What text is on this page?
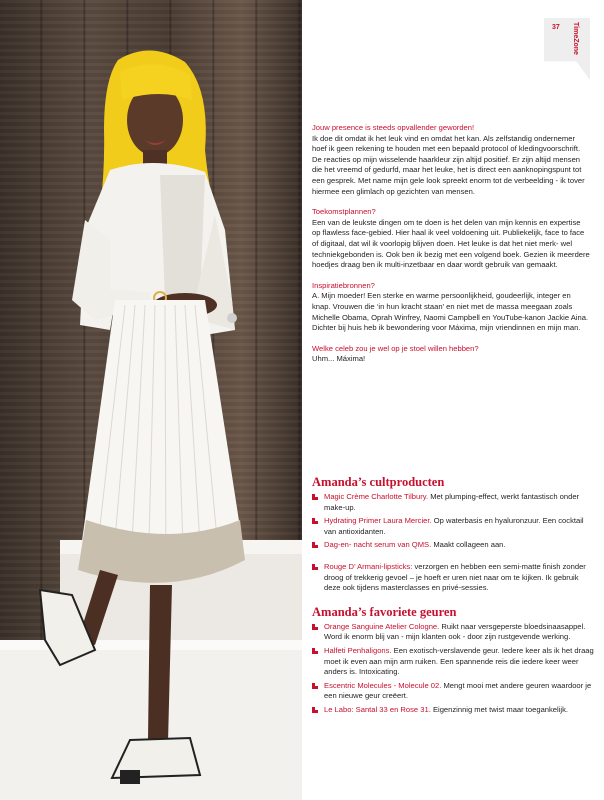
37 TimeZone
Jouw presence is steeds opvallender geworden!
Ik doe dit omdat ik het leuk vind en omdat het kan. Als zelfstandig ondernemer hoef ik geen rekening te houden met een bepaald protocol of kledingvoorschrift. De reacties op mijn wisselende haarkleur zijn altijd positief. Er zijn altijd mensen die het vreemd of gedurfd, maar het leuke, het is direct een aanknopingspunt tot een gesprek. Met name mijn gele look spreekt enorm tot de verbeelding - ik tover hiermee een glimlach op gezichten van mensen.
Toekomstplannen?
Een van de leukste dingen om te doen is het delen van mijn kennis en expertise op flawless face-gebied. Hier haal ik veel voldoening uit. Publiekelijk, face to face of digitaal, dat wil ik voorlopig blijven doen. Het leuke is dat het niet merk- wel techniekgebonden is. Ook ben ik bezig met een volgend boek. Gezien ik meerdere hoedjes draag ben ik multi-inzetbaar en daar wordt gebruik van gemaakt.
Inspiratiebronnen?
A. Mijn moeder! Een sterke en warme persoonlijkheid, goudeerlijk, integer en knap. Vrouwen die ‘in hun kracht staan’ en niet met de massa meegaan zoals Michelle Obama, Oprah Winfrey, Naomi Campbell en YouTube-kanon Jackie Aina. Dichter bij huis heb ik bewondering voor Máxima, mijn vriendinnen en mijn man.
Welke celeb zou je wel op je stoel willen hebben?
Uhm... Máxima!
Amanda’s cultproducten
Magic Crème Charlotte Tilbury. Met plumping-effect, werkt fantastisch onder make-up.
Hydrating Primer Laura Mercier. Op waterbasis en hyaluronzuur. Een cocktail van antioxidanten.
Dag-en- nacht serum van QMS. Maakt collageen aan.
Rouge D’ Armani-lipsticks: verzorgen en hebben een semi-matte finish zonder droog of trekkerig gevoel – je hoeft er uren niet naar om te kijken. Ik gebruik deze ook tijdens masterclasses en privé-sessies.
Amanda’s favoriete geuren
Orange Sanguine Atelier Cologne. Ruikt naar versgeperste bloedsinaasappel. Word ik enorm blij van - mijn klanten ook - door zijn rustgevende werking.
Halfeti Penhaligons. Een exotisch-verslavende geur. Iedere keer als ik het draag moet ik even aan mijn arm ruiken. Een spannende reis die iedere keer weer anders is. Intoxicating.
Escentric Molecules - Molecule 02. Mengt mooi met andere geuren waardoor je een nieuwe geur creëert.
Le Labo: Santal 33 en Rose 31. Eigenzinnig met twist maar toegankelijk.
